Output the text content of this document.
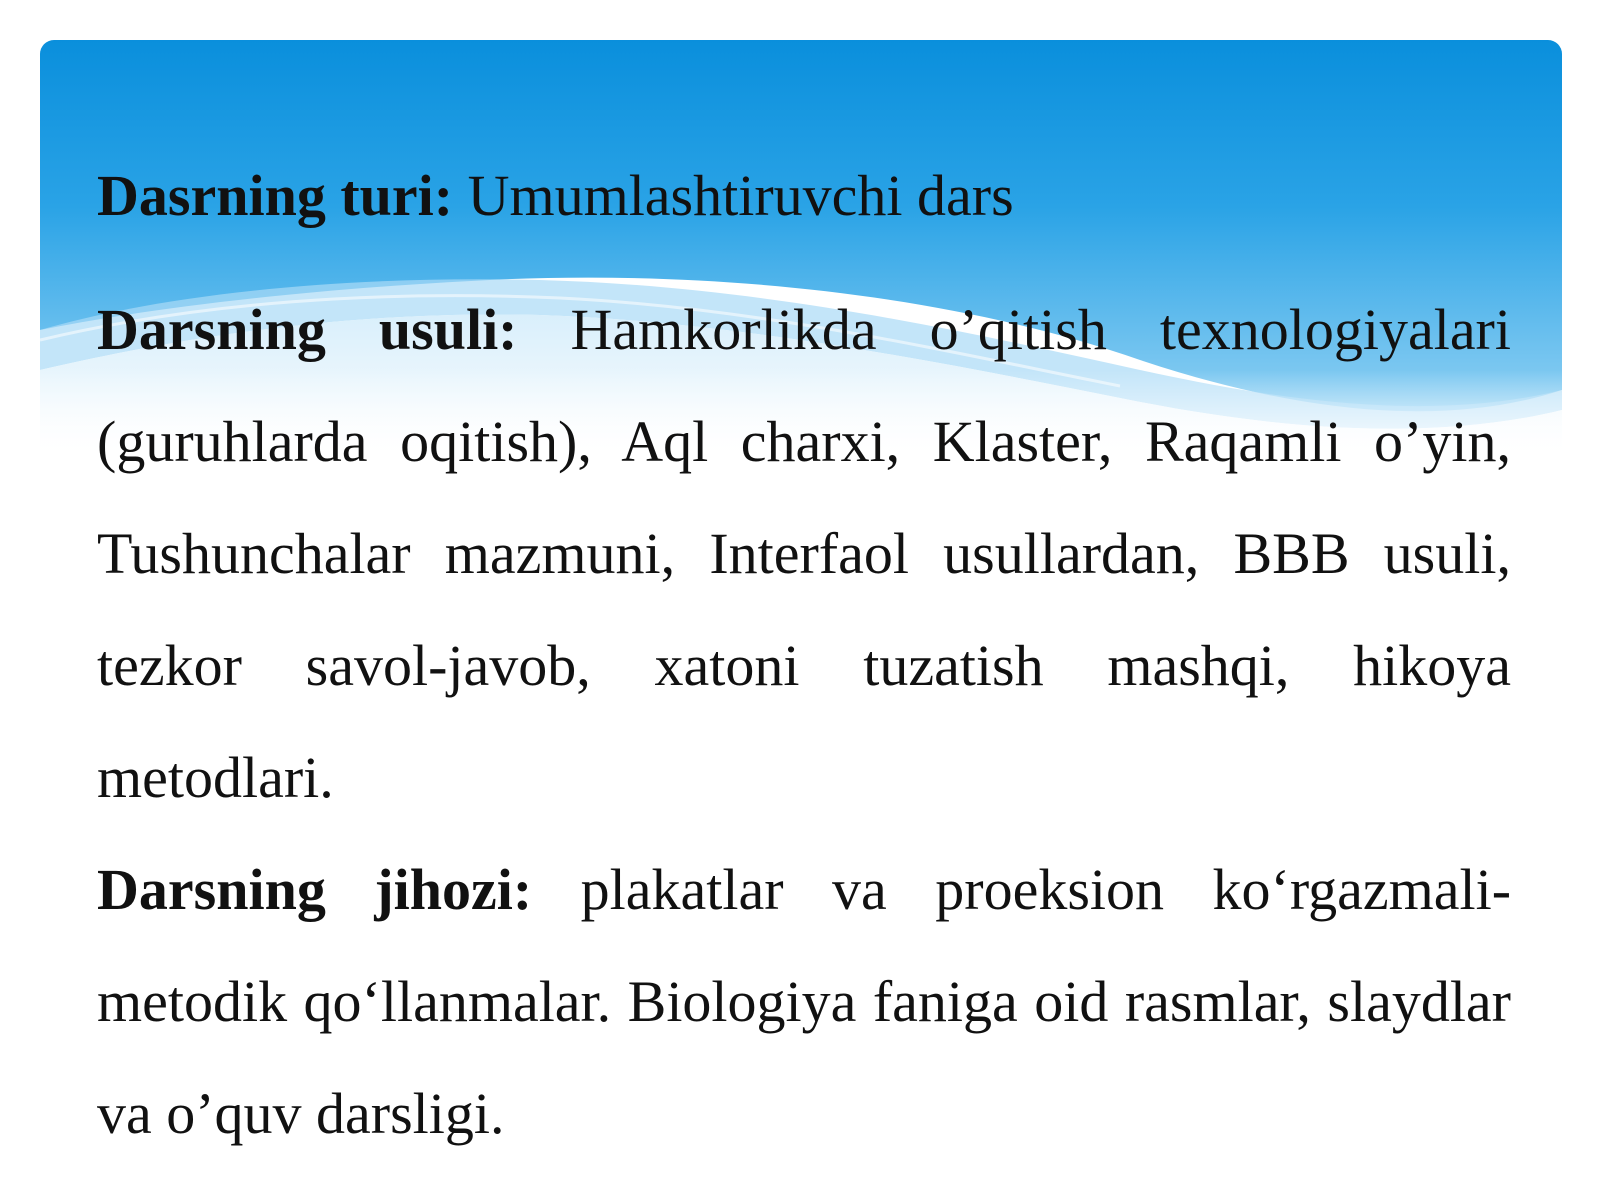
Dasrning turi: Umumlashtiruvchi dars

Darsning usuli: Hamkorlikda o’qitish texnologiyalari (guruhlarda oqitish), Aql charxi, Klaster, Raqamli o’yin, Tushunchalar mazmuni, Interfaol usullardan, BBB usuli, tezkor savol-javob, xatoni tuzatish mashqi, hikoya metodlari.

Darsning jihozi: plakatlar va proeksion ko‘rgazmali-metodik qo‘llanmalar. Biologiya faniga oid rasmlar, slaydlar va o’quv darsligi.
